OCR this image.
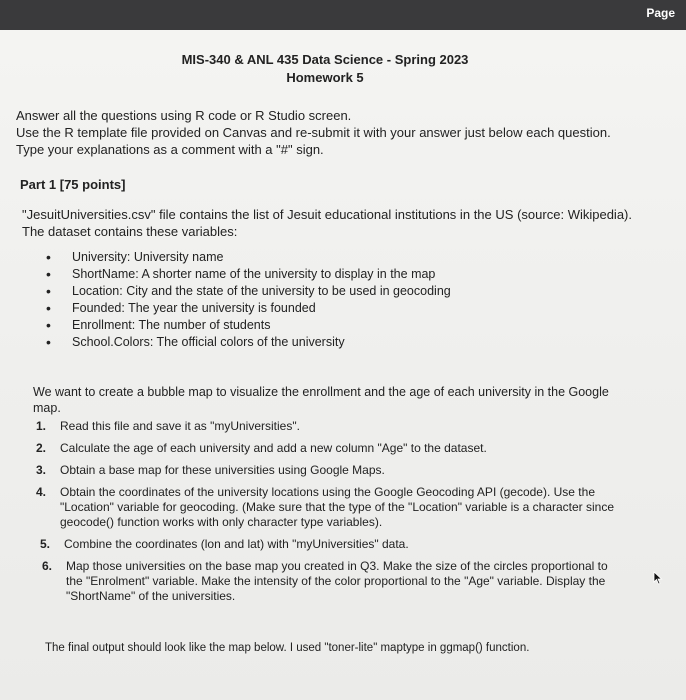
Page
MIS-340 & ANL 435 Data Science - Spring 2023
Homework 5
Answer all the questions using R code or R Studio screen.
Use the R template file provided on Canvas and re-submit it with your answer just below each question.
Type your explanations as a comment with a "#" sign.
Part 1 [75 points]
"JesuitUniversities.csv" file contains the list of Jesuit educational institutions in the US (source: Wikipedia). The dataset contains these variables:
• University: University name
• ShortName: A shorter name of the university to display in the map
• Location: City and the state of the university to be used in geocoding
• Founded: The year the university is founded
• Enrollment: The number of students
• School.Colors: The official colors of the university
We want to create a bubble map to visualize the enrollment and the age of each university in the Google map.
1. Read this file and save it as "myUniversities".
2. Calculate the age of each university and add a new column "Age" to the dataset.
3. Obtain a base map for these universities using Google Maps.
4. Obtain the coordinates of the university locations using the Google Geocoding API (gecode). Use the "Location" variable for geocoding. (Make sure that the type of the "Location" variable is a character since geocode() function works with only character type variables).
5. Combine the coordinates (lon and lat) with "myUniversities" data.
6. Map those universities on the base map you created in Q3. Make the size of the circles proportional to the "Enrolment" variable. Make the intensity of the color proportional to the "Age" variable. Display the "ShortName" of the universities.
The final output should look like the map below. I used "toner-lite" maptype in ggmap() function.
